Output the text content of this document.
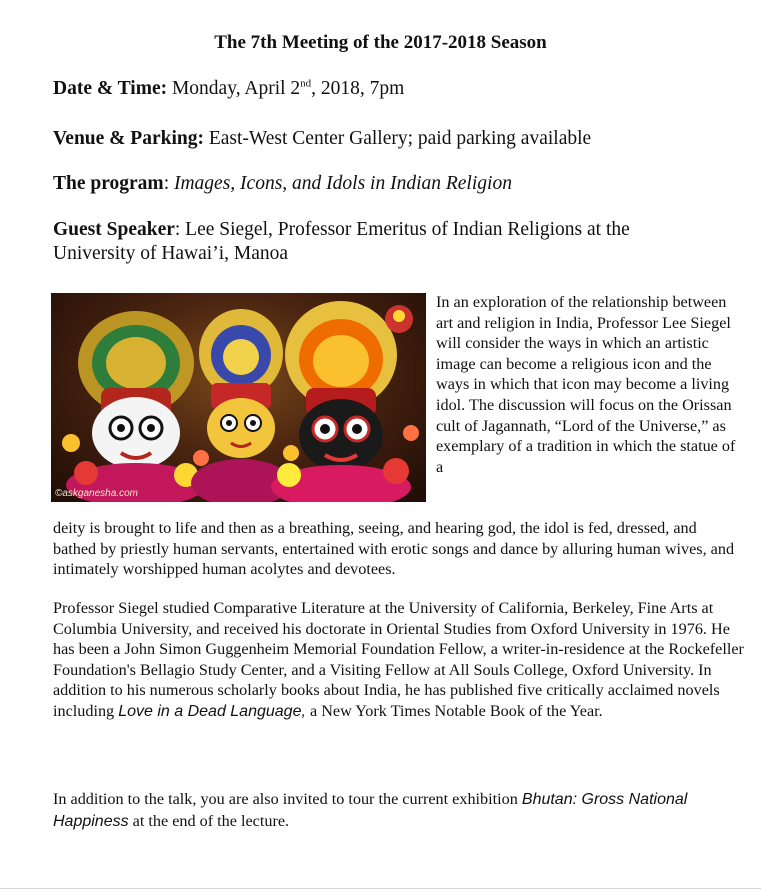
The 7th Meeting of the 2017-2018 Season
Date & Time: Monday, April 2nd, 2018, 7pm
Venue & Parking: East-West Center Gallery; paid parking available
The program: Images, Icons, and Idols in Indian Religion
Guest Speaker: Lee Siegel, Professor Emeritus of Indian Religions at the University of Hawai’i, Manoa
©askganesha.com

In an exploration of the relationship between art and religion in India, Professor Lee Siegel will consider the ways in which an artistic image can become a religious icon and the ways in which that icon may become a living idol. The discussion will focus on the Orissan cult of Jagannath, “Lord of the Universe,” as exemplary of a tradition in which the statue of a

deity is brought to life and then as a breathing, seeing, and hearing god, the idol is fed, dressed, and bathed by priestly human servants, entertained with erotic songs and dance by alluring human wives, and intimately worshipped human acolytes and devotees.

Professor Siegel studied Comparative Literature at the University of California, Berkeley, Fine Arts at Columbia University, and received his doctorate in Oriental Studies from Oxford University in 1976. He has been a John Simon Guggenheim Memorial Foundation Fellow, a writer-in-residence at the Rockefeller Foundation's Bellagio Study Center, and a Visiting Fellow at All Souls College, Oxford University. In addition to his numerous scholarly books about India, he has published five critically acclaimed novels including Love in a Dead Language, a New York Times Notable Book of the Year.

In addition to the talk, you are also invited to tour the current exhibition Bhutan: Gross National Happiness at the end of the lecture.
